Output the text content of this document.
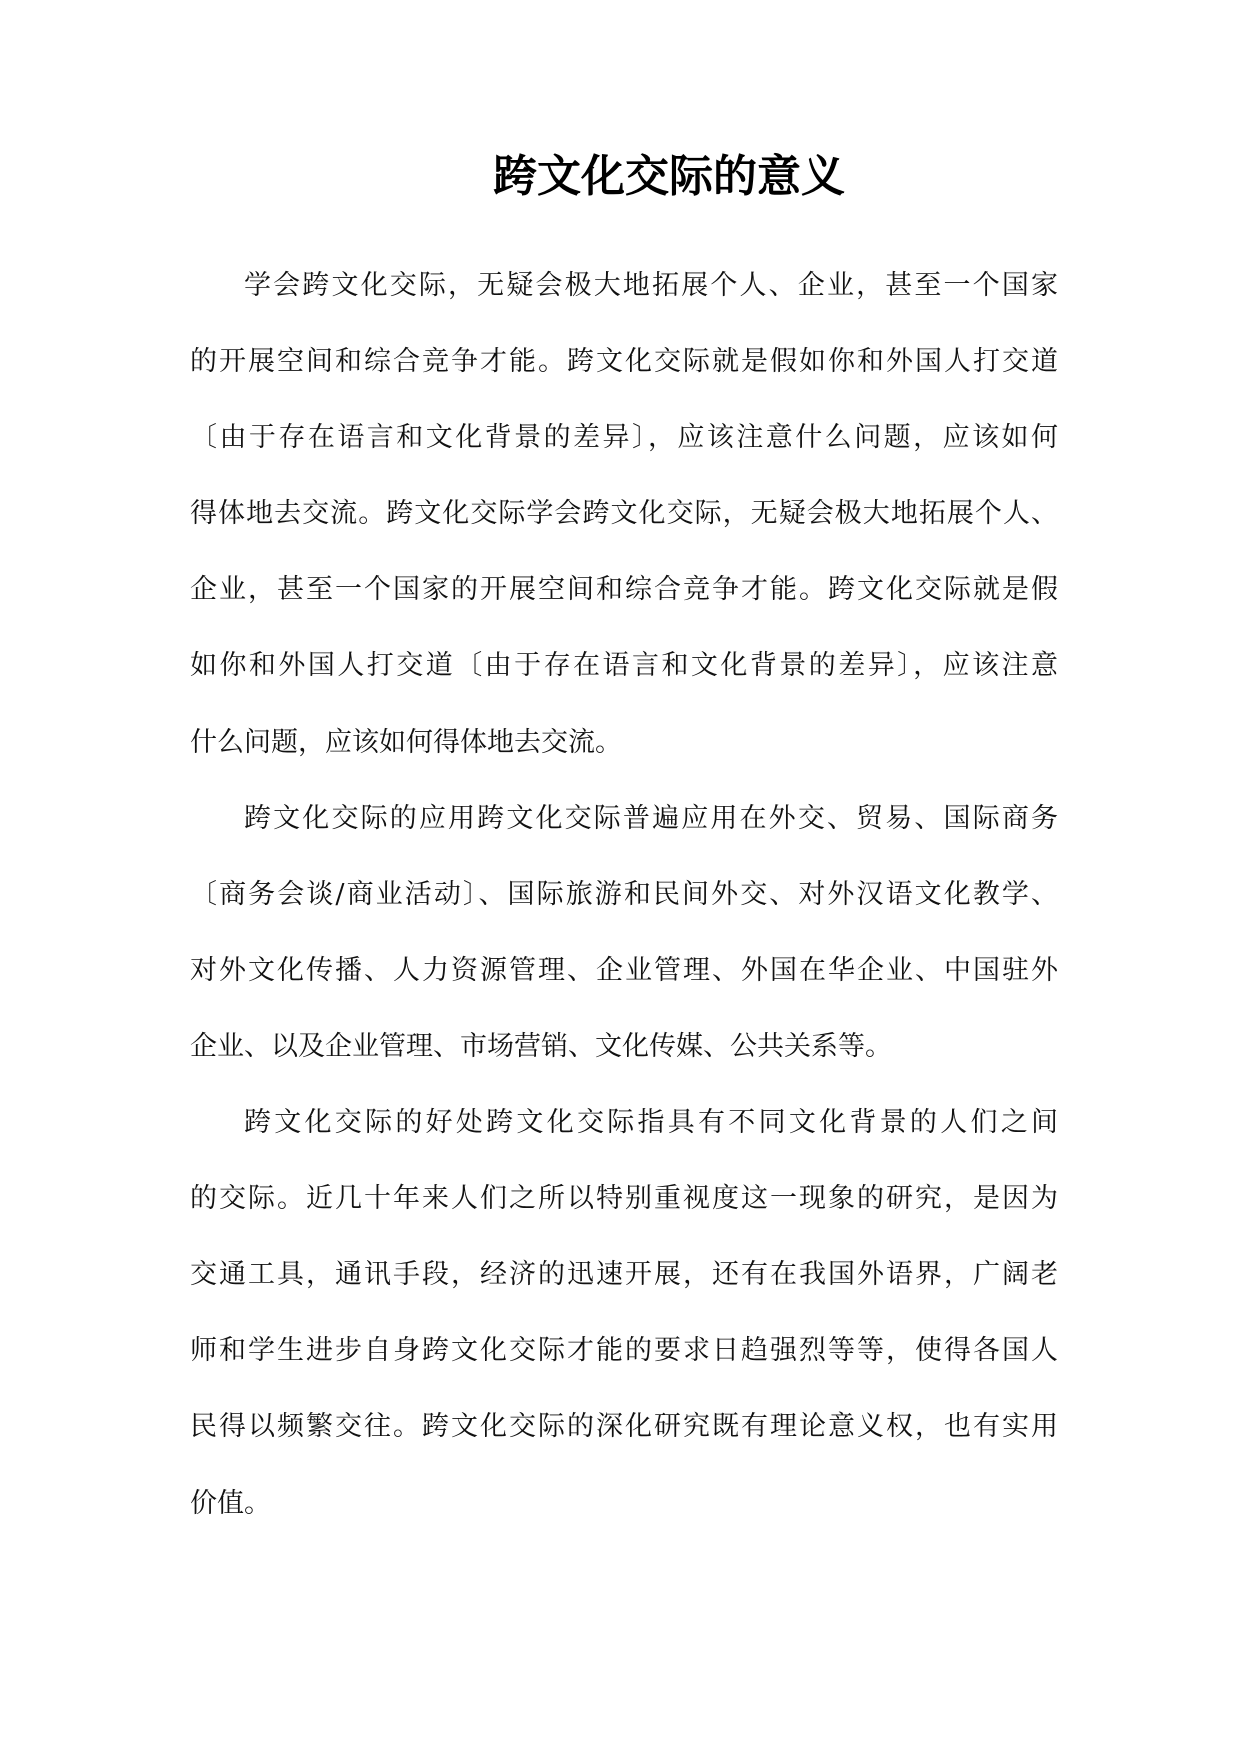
跨文化交际的意义
学会跨文化交际，无疑会极大地拓展个人、企业，甚至一个国家
的开展空间和综合竞争才能。跨文化交际就是假如你和外国人打交道
〔由于存在语言和文化背景的差异〕，应该注意什么问题，应该如何
得体地去交流。跨文化交际学会跨文化交际，无疑会极大地拓展个人、
企业，甚至一个国家的开展空间和综合竞争才能。跨文化交际就是假
如你和外国人打交道〔由于存在语言和文化背景的差异〕，应该注意
什么问题，应该如何得体地去交流。
跨文化交际的应用跨文化交际普遍应用在外交、贸易、国际商务
〔商务会谈/商业活动〕、国际旅游和民间外交、对外汉语文化教学、
对外文化传播、人力资源管理、企业管理、外国在华企业、中国驻外
企业、以及企业管理、市场营销、文化传媒、公共关系等。
跨文化交际的好处跨文化交际指具有不同文化背景的人们之间
的交际。近几十年来人们之所以特别重视度这一现象的研究，是因为
交通工具，通讯手段，经济的迅速开展，还有在我国外语界，广阔老
师和学生进步自身跨文化交际才能的要求日趋强烈等等，使得各国人
民得以频繁交往。跨文化交际的深化研究既有理论意义权，也有实用
价值。
